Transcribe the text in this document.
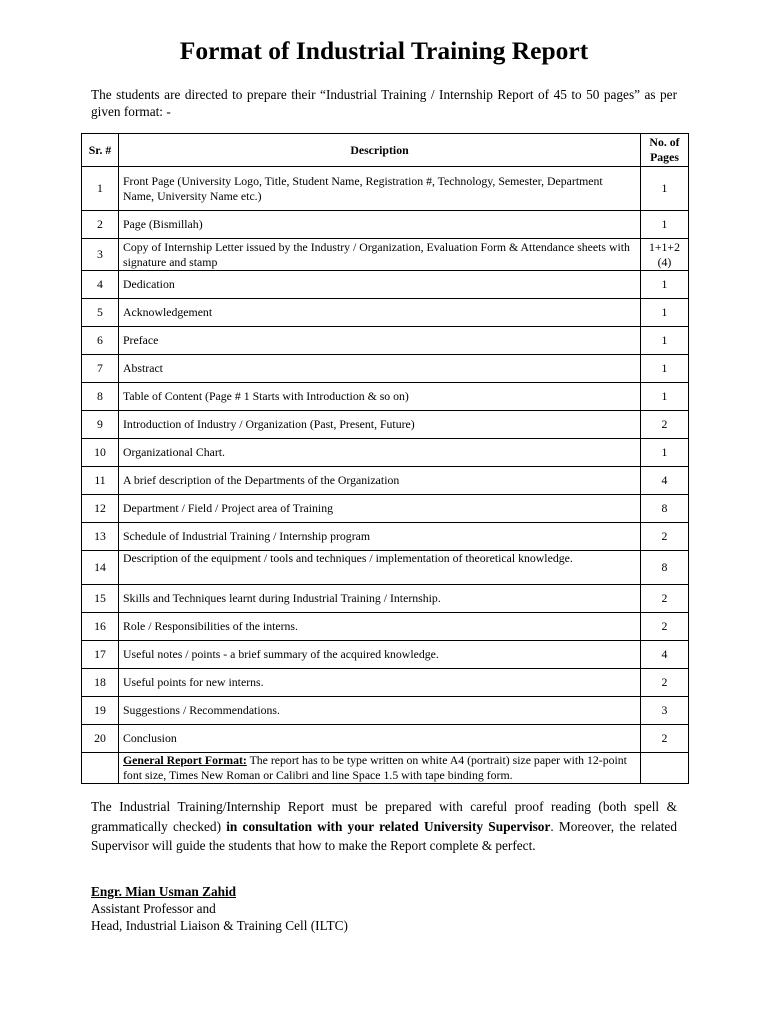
Format of Industrial Training Report

The students are directed to prepare their “Industrial Training / Internship Report of 45 to 50 pages” as per given format: -

Sr. #	Description	No. of Pages
1	Front Page (University Logo, Title, Student Name, Registration #, Technology, Semester, Department Name, University Name etc.)	1
2	Page (Bismillah)	1
3	Copy of Internship Letter issued by the Industry / Organization, Evaluation Form & Attendance sheets with signature and stamp	1+1+2 (4)
4	Dedication	1
5	Acknowledgement	1
6	Preface	1
7	Abstract	1
8	Table of Content (Page # 1 Starts with Introduction & so on)	1
9	Introduction of Industry / Organization (Past, Present, Future)	2
10	Organizational Chart.	1
11	A brief description of the Departments of the Organization	4
12	Department / Field / Project area of Training	8
13	Schedule of Industrial Training / Internship program	2
14	Description of the equipment / tools and techniques / implementation of theoretical knowledge.	8
15	Skills and Techniques learnt during Industrial Training / Internship.	2
16	Role / Responsibilities of the interns.	2
17	Useful notes / points - a brief summary of the acquired knowledge.	4
18	Useful points for new interns.	2
19	Suggestions / Recommendations.	3
20	Conclusion	2
	General Report Format: The report has to be type written on white A4 (portrait) size paper with 12-point font size, Times New Roman or Calibri and line Space 1.5 with tape binding form.	

The Industrial Training/Internship Report must be prepared with careful proof reading (both spell & grammatically checked) in consultation with your related University Supervisor. Moreover, the related Supervisor will guide the students that how to make the Report complete & perfect.

Engr. Mian Usman Zahid
Assistant Professor and
Head, Industrial Liaison & Training Cell (ILTC)
